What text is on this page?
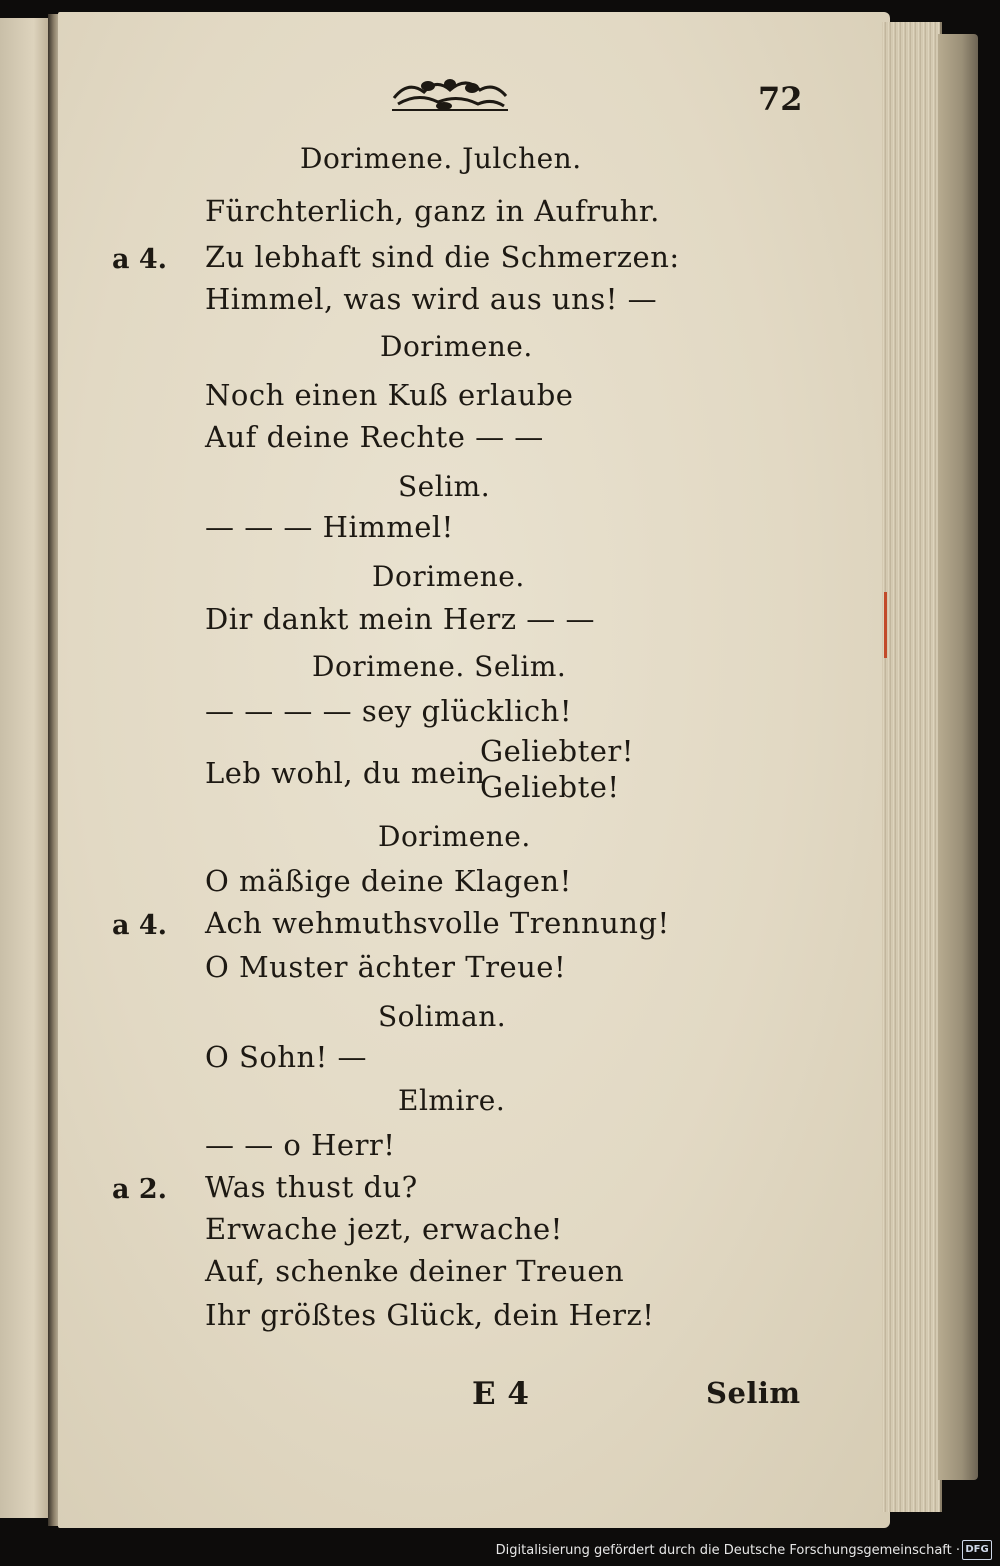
72
Dorimene. Julchen.
Fürchterlich, ganz in Aufruhr.
Zu lebhaft sind die Schmerzen:
Himmel, was wird aus uns! —
Dorimene.
Noch einen Kuß erlaube
Auf deine Rechte — —
Selim.
— — — Himmel!
Dorimene.
Dir dankt mein Herz — —
Dorimene. Selim.
— — — — sey glücklich!
Leb wohl, du mein
Geliebter!
Geliebte!
Dorimene.
O mäßige deine Klagen!
Ach wehmuthsvolle Trennung!
O Muster ächter Treue!
Soliman.
O Sohn! —
Elmire.
— — o Herr!
Was thust du?
Erwache jezt, erwache!
Auf, schenke deiner Treuen
Ihr größtes Glück, dein Herz!
a 4.
a 4.
a 2.
E 4	Selim
Digitalisierung gefördert durch die Deutsche Forschungsgemeinschaft · DFG
